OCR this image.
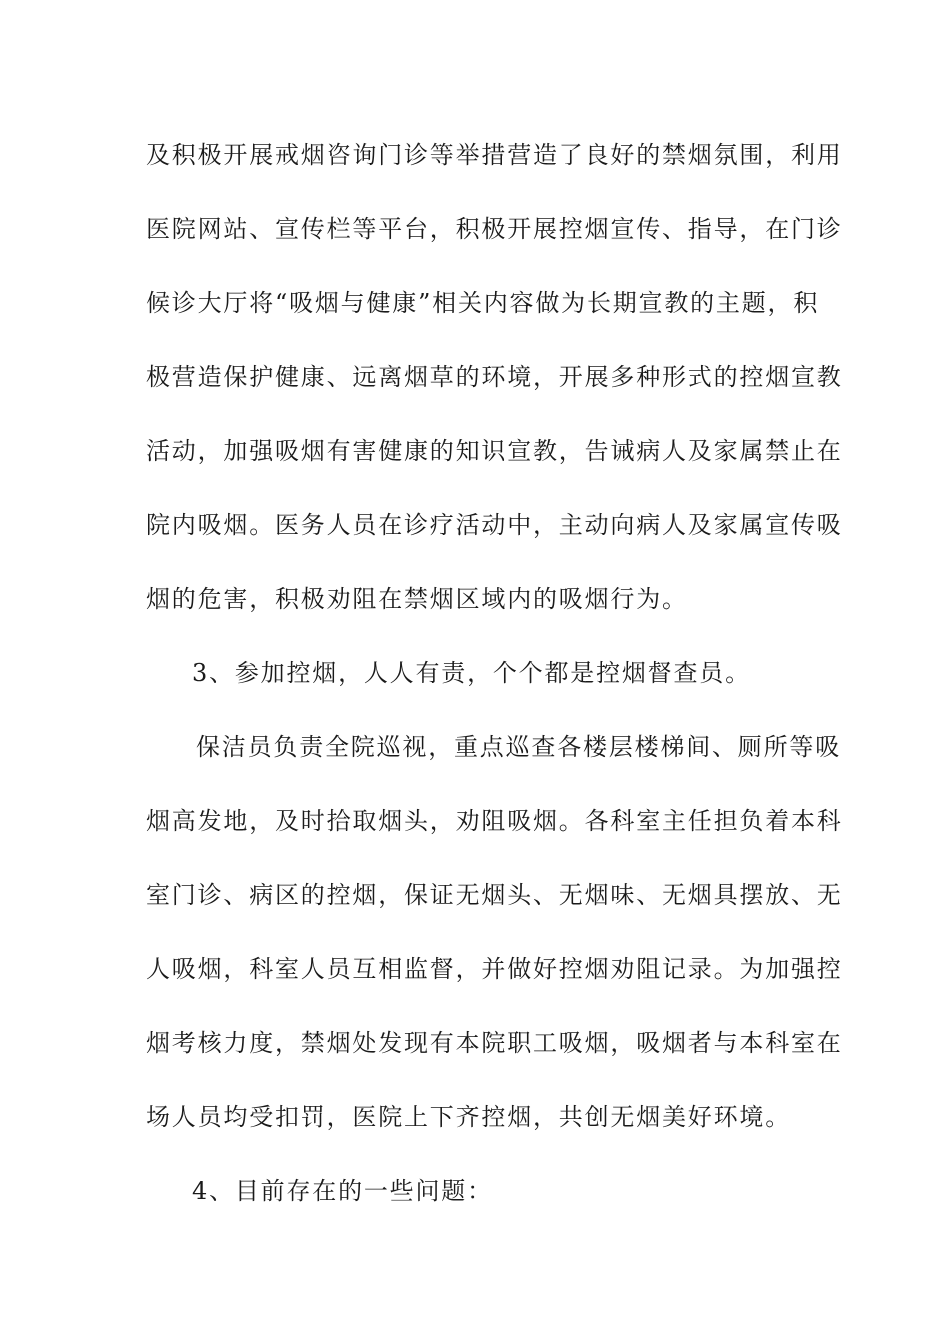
及积极开展戒烟咨询门诊等举措营造了良好的禁烟氛围，利用
医院网站、宣传栏等平台，积极开展控烟宣传、指导，在门诊
候诊大厅将“吸烟与健康”相关内容做为长期宣教的主题，积
极营造保护健康、远离烟草的环境，开展多种形式的控烟宣教
活动，加强吸烟有害健康的知识宣教，告诫病人及家属禁止在
院内吸烟。医务人员在诊疗活动中，主动向病人及家属宣传吸
烟的危害，积极劝阻在禁烟区域内的吸烟行为。
3、参加控烟，人人有责，个个都是控烟督查员。
保洁员负责全院巡视，重点巡查各楼层楼梯间、厕所等吸
烟高发地，及时拾取烟头，劝阻吸烟。各科室主任担负着本科
室门诊、病区的控烟，保证无烟头、无烟味、无烟具摆放、无
人吸烟，科室人员互相监督，并做好控烟劝阻记录。为加强控
烟考核力度，禁烟处发现有本院职工吸烟，吸烟者与本科室在
场人员均受扣罚，医院上下齐控烟，共创无烟美好环境。
4、目前存在的一些问题：
